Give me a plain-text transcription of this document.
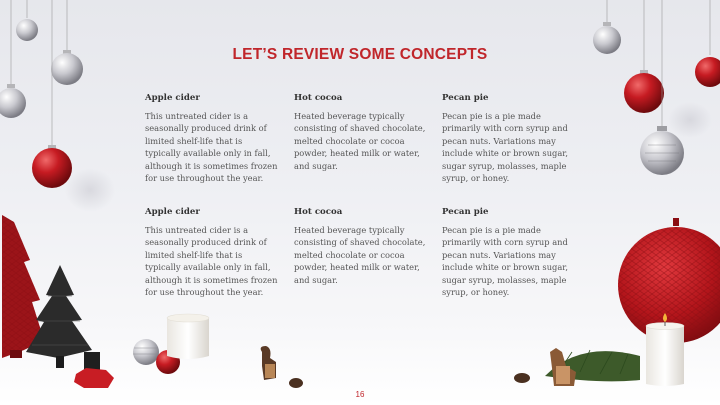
LET’S REVIEW SOME CONCEPTS
Apple cider

This untreated cider is a seasonally produced drink of limited shelf-life that is typically available only in fall, although it is sometimes frozen for use throughout the year.

Hot cocoa

Heated beverage typically consisting of shaved chocolate, melted chocolate or cocoa powder, heated milk or water, and sugar.

Pecan pie

Pecan pie is a pie made primarily with corn syrup and pecan nuts. Variations may include white or brown sugar, sugar syrup, molasses, maple syrup, or honey.

Apple cider

This untreated cider is a seasonally produced drink of limited shelf-life that is typically available only in fall, although it is sometimes frozen for use throughout the year.

Hot cocoa

Heated beverage typically consisting of shaved chocolate, melted chocolate or cocoa powder, heated milk or water, and sugar.

Pecan pie

Pecan pie is a pie made primarily with corn syrup and pecan nuts. Variations may include white or brown sugar, sugar syrup, molasses, maple syrup, or honey.

16
